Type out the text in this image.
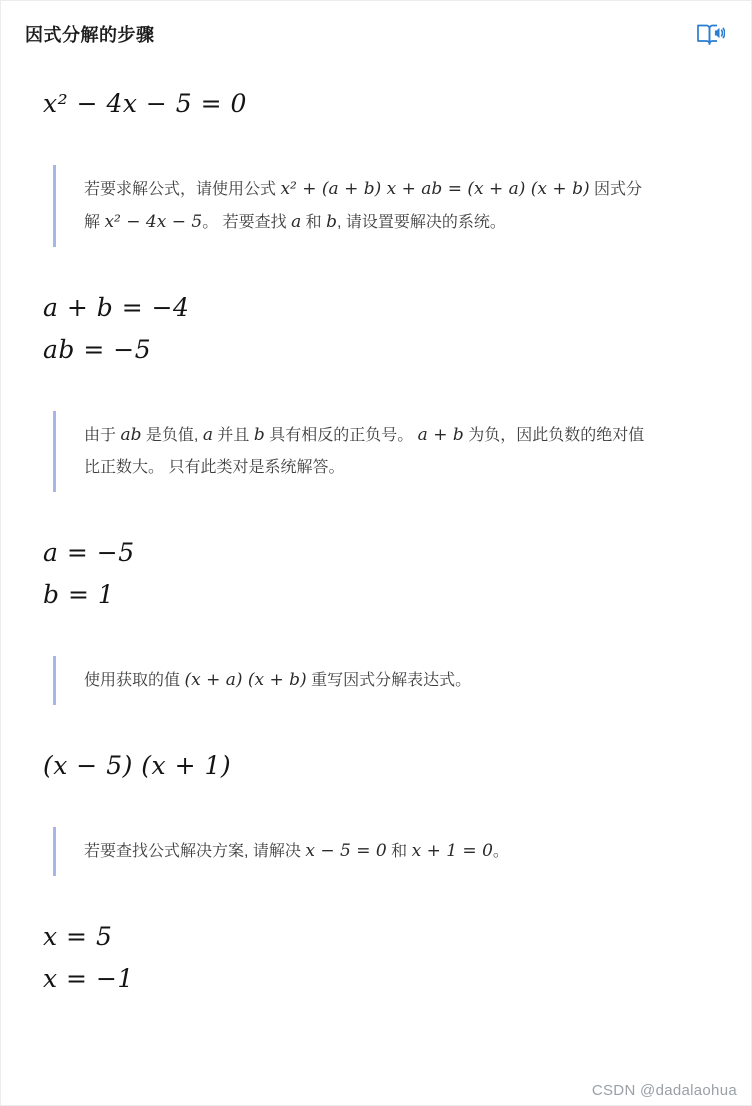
因式分解的步骤
x² − 4x − 5 = 0

若要求解公式，请使用公式 x² + (a + b) x + ab = (x + a) (x + b) 因式分解 x² − 4x − 5。 若要查找 a 和 b, 请设置要解决的系统。

a + b = −4
ab = −5

由于 ab 是负值, a 并且 b 具有相反的正负号。 a + b 为负，因此负数的绝对值比正数大。 只有此类对是系统解答。

a = −5
b = 1

使用获取的值 (x + a) (x + b) 重写因式分解表达式。

(x − 5) (x + 1)

若要查找公式解决方案, 请解决 x − 5 = 0 和 x + 1 = 0。

x = 5
x = −1
CSDN @dadalaohua
